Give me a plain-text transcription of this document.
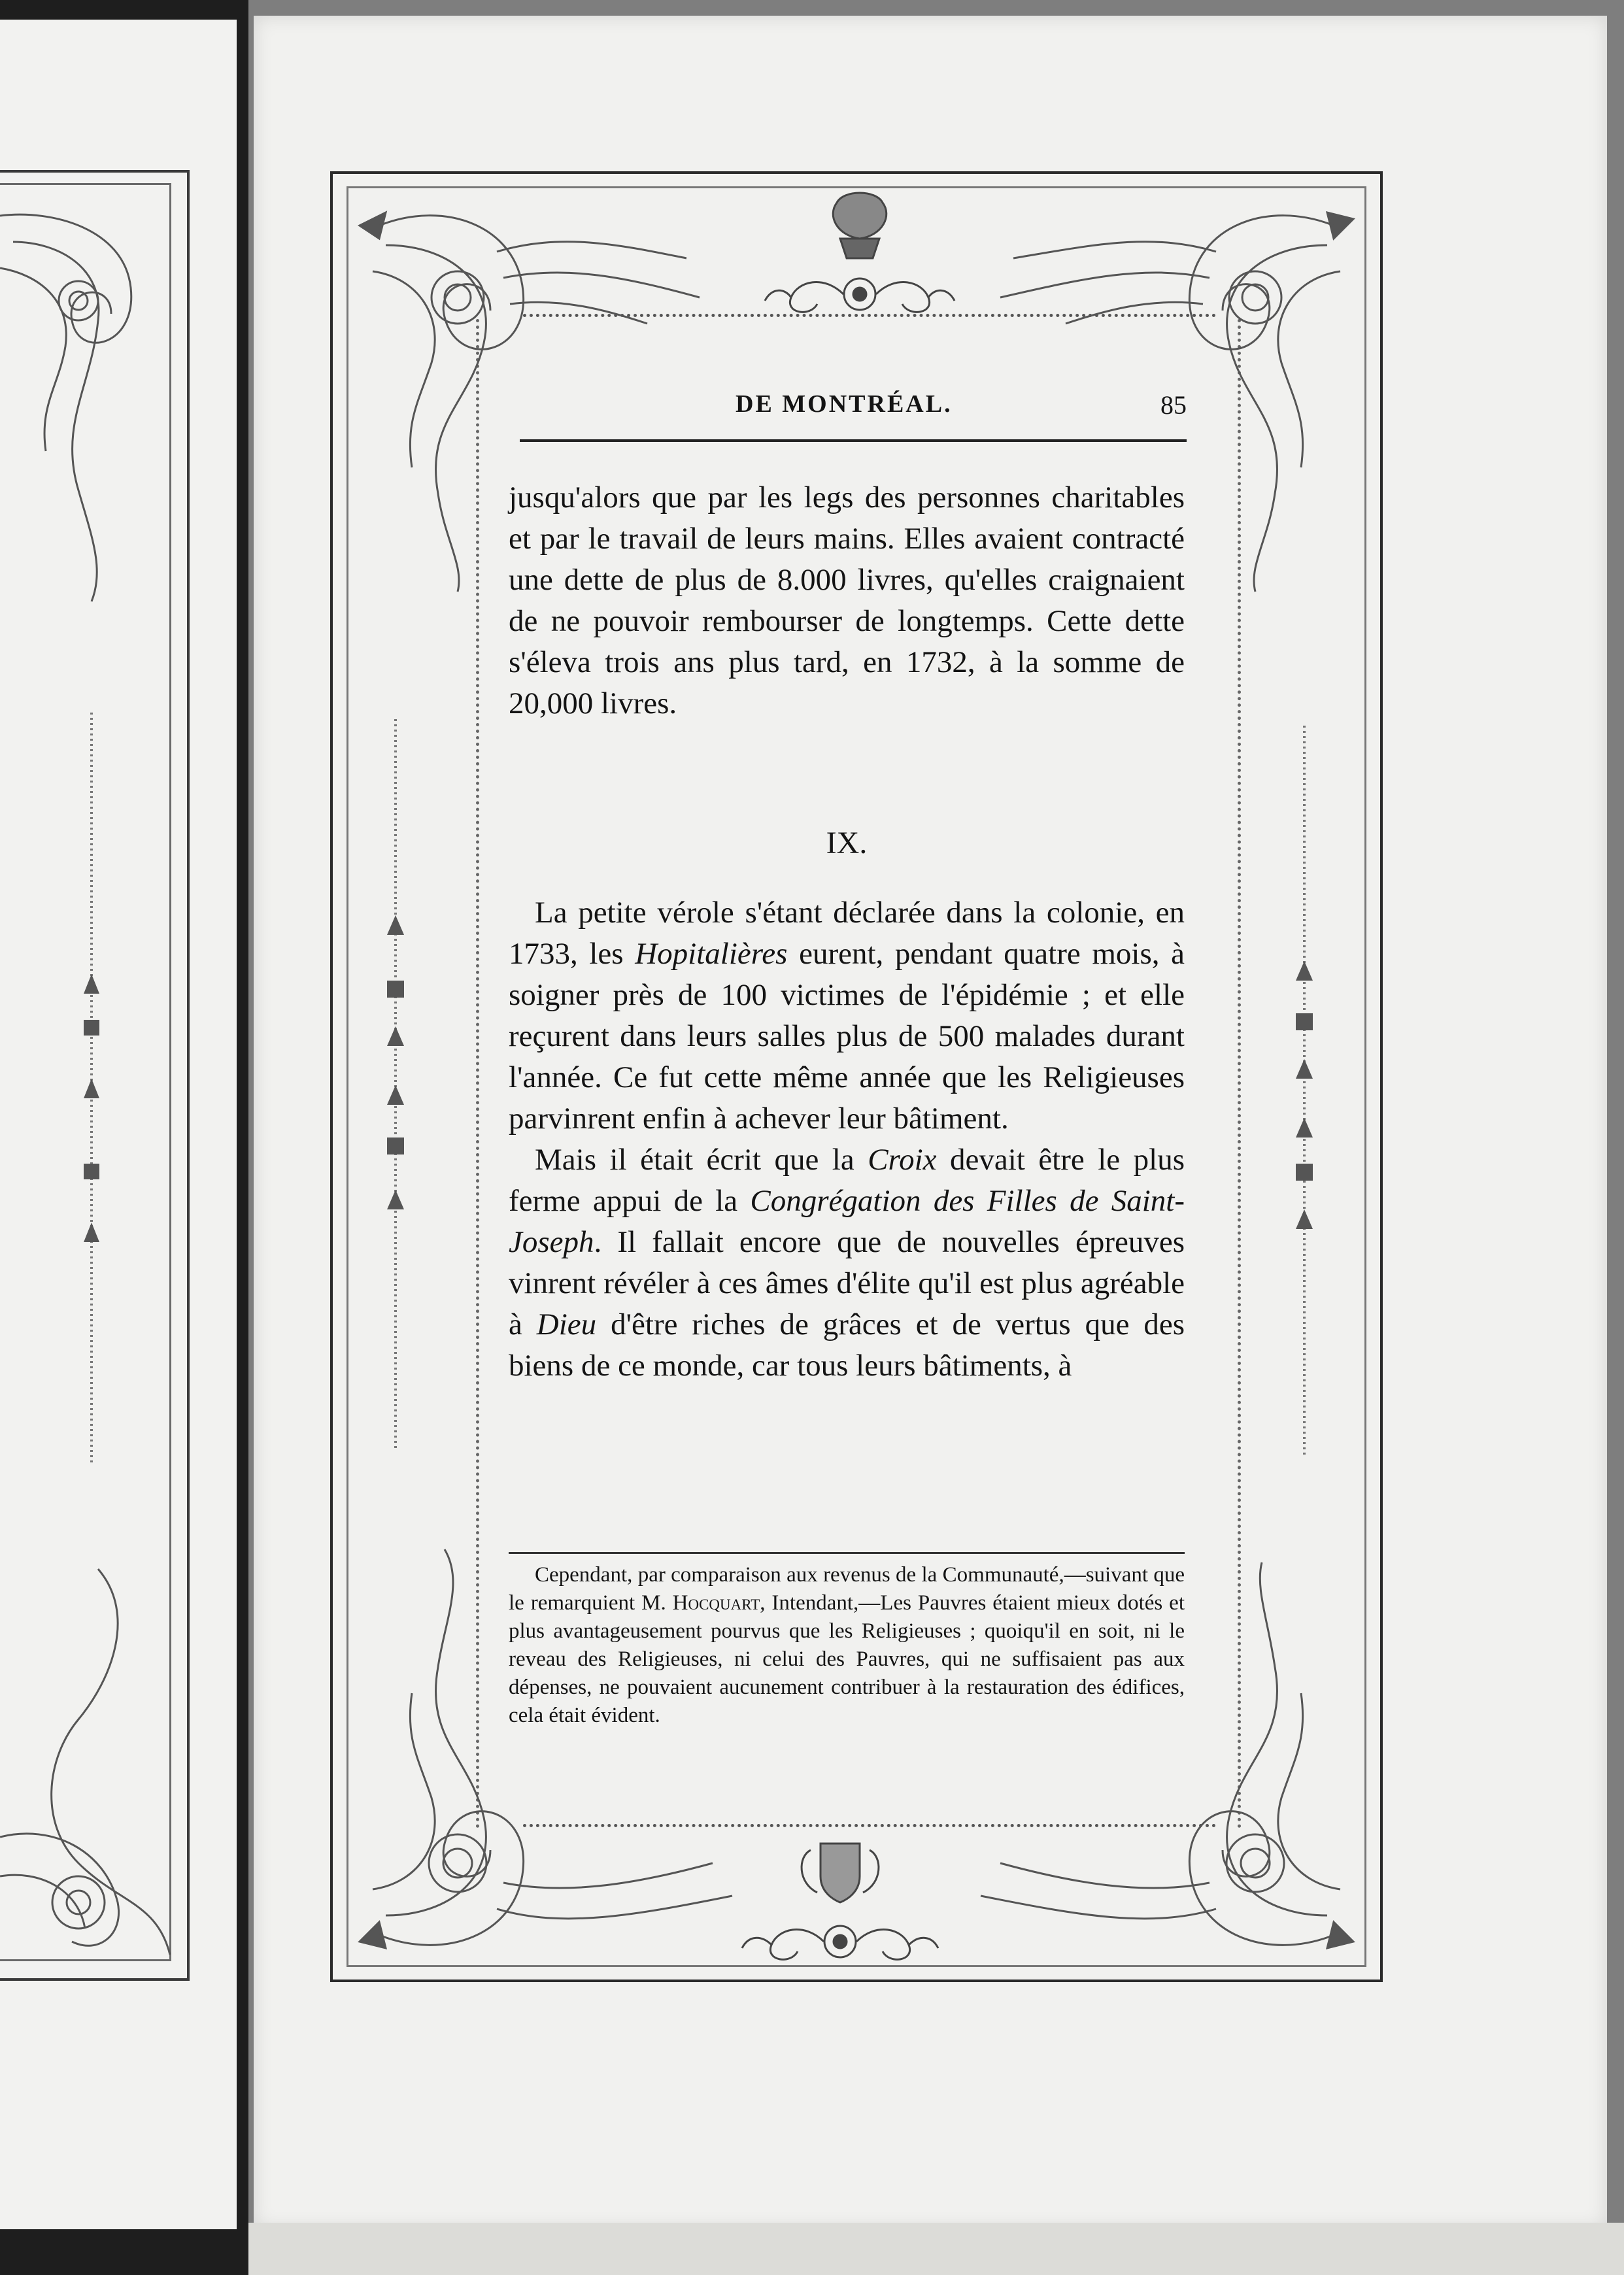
DE MONTRÉAL.	85

jusqu'alors que par les legs des personnes charitables et par le travail de leurs mains. Elles avaient contracté une dette de plus de 8.000 livres, qu'elles craignaient de ne pouvoir rembourser de longtemps. Cette dette s'éleva trois ans plus tard, en 1732, à la somme de 20,000 livres.

IX.

La petite vérole s'étant déclarée dans la colonie, en 1733, les Hopitalières eurent, pendant quatre mois, à soigner près de 100 victimes de l'épidémie ; et elle reçurent dans leurs salles plus de 500 malades durant l'année. Ce fut cette même année que les Religieuses parvinrent enfin à achever leur bâtiment.

Mais il était écrit que la Croix devait être le plus ferme appui de la Congrégation des Filles de Saint-Joseph. Il fallait encore que de nouvelles épreuves vinrent révéler à ces âmes d'élite qu'il est plus agréable à Dieu d'être riches de grâces et de vertus que des biens de ce monde, car tous leurs bâtiments, à

Cependant, par comparaison aux revenus de la Communauté,—suivant que le remarquient M. Hocquart, Intendant,—Les Pauvres étaient mieux dotés et plus avantageusement pourvus que les Religieuses ; quoiqu'il en soit, ni le reveau des Religieuses, ni celui des Pauvres, qui ne suffisaient pas aux dépenses, ne pouvaient aucunement contribuer à la restauration des édifices, cela était évident.
